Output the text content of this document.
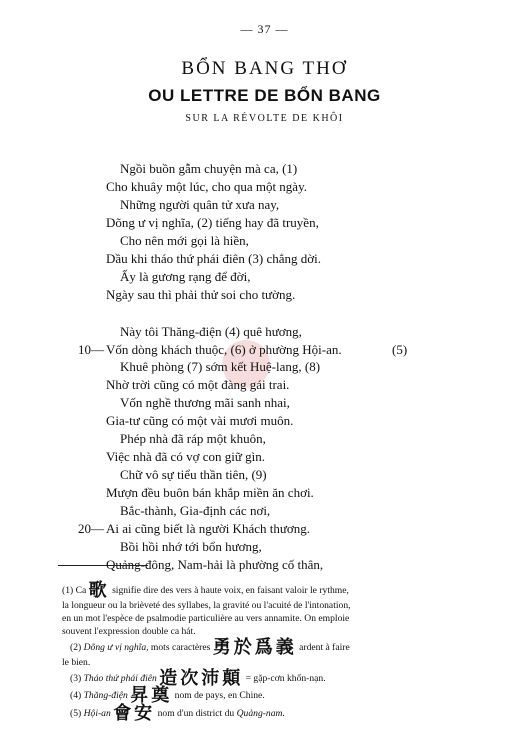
— 37 —
BỔN BANG THƠ
OU LETTRE DE BỔN BANG
SUR LA RÉVOLTE DE KHÔI
Ngồi buồn gẫm chuyện mà ca, (1)
Cho khuây một lúc, cho qua một ngày.
Những người quân tử xưa nay,
Dõng ư vị nghĩa, (2) tiếng hay đã truyền,
Cho nên mới gọi là hiền,
Dầu khi tháo thứ phái điên (3) chẳng dời.
Ấy là gương rạng để đời,
Ngày sau thì phải thử soi cho tường.
Này tôi Thăng-điện (4) quê hương,
10— Vốn dòng khách thuộc, (6) ở phường Hội-an.	(5)
Khuê phòng (7) sớm kết Huệ-lang, (8)
Nhờ trời cũng có một đàng gái trai.
Vốn nghề thương mãi sanh nhai,
Gia-tư cũng có một vài mươi muôn.
Phép nhà đã ráp một khuôn,
Việc nhà đã có vợ con giữ gìn.
Chữ vô sự tiểu thần tiên, (9)
Mượn đều buôn bán khắp miền ăn chơi.
Bắc-thành, Gia-định các nơi,
20— Ai ai cũng biết là người Khách thương.
Bồi hồi nhớ tới bổn hương,
Quảng-đông, Nam-hải là phường cố thân,
(1) Ca 歌 signifie dire des vers à haute voix, en faisant valoir le rythme,
la longueur ou la brièveté des syllabes, la gravité ou l'acuité de l'intonation,
en un mot l'espèce de psalmodie particulière au vers annamite. On emploie
souvent l'expression double ca hát.
(2) Dõng ư vị nghĩa, mots caractères 勇於爲義 ardent à faire
le bien.
(3) Tháo thứ phái điên 造次沛顛 = gặp-cơn khốn-nạn.
(4) Thăng-điện 昇奠 nom de pays, en Chine.
(5) Hội-an 會安 nom d'un district du Quảng-nam.
